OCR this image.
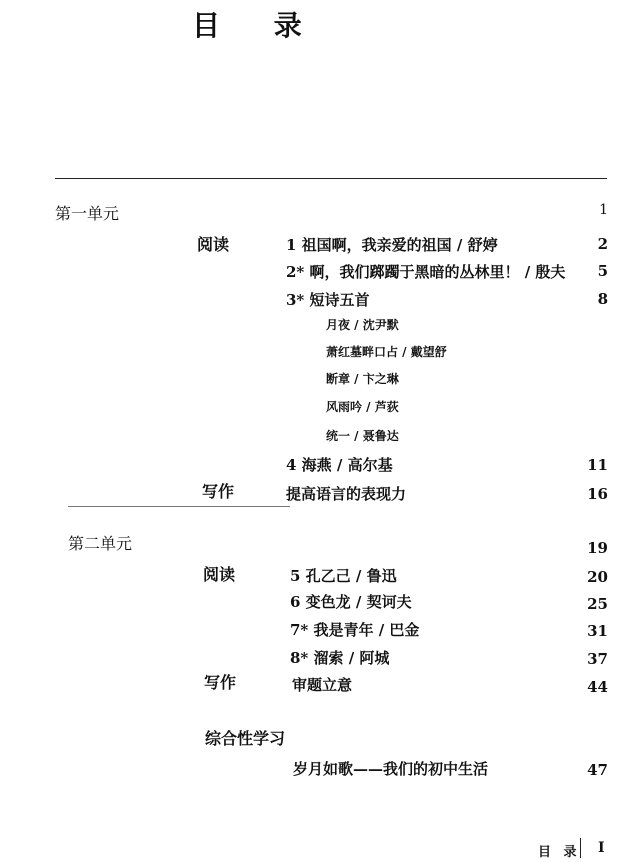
目 录
第一单元	1
阅读	1 祖国啊，我亲爱的祖国 / 舒婷	2
2* 啊，我们踯躅于黑暗的丛林里！ / 殷夫	5
3* 短诗五首	8
月夜 / 沈尹默
萧红墓畔口占 / 戴望舒
断章 / 卞之琳
风雨吟 / 芦荻
统一 / 聂鲁达
4 海燕 / 高尔基	11
写作	提高语言的表现力	16
第二单元	19
阅读	5 孔乙己 / 鲁迅	20
6 变色龙 / 契诃夫	25
7* 我是青年 / 巴金	31
8* 溜索 / 阿城	37
写作	审题立意	44
综合性学习
岁月如歌——我们的初中生活	47
目 录 I
